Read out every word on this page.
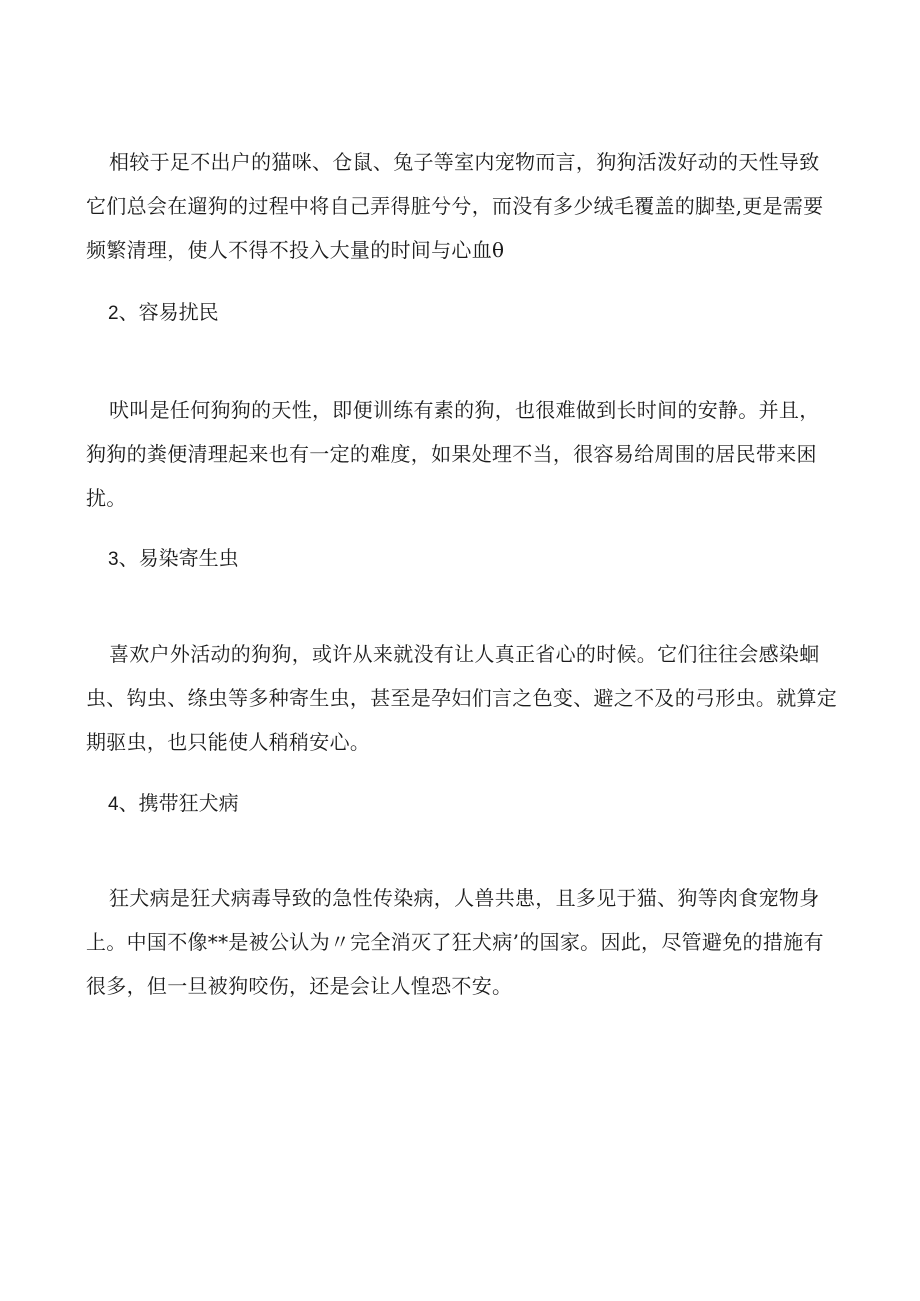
相较于足不出户的猫咪、仓鼠、兔子等室内宠物而言，狗狗活泼好动的天性导致
它们总会在遛狗的过程中将自己弄得脏兮兮，而没有多少绒毛覆盖的脚垫,更是需要
频繁清理，使人不得不投入大量的时间与心血θ

2、容易扰民

吠叫是任何狗狗的天性，即便训练有素的狗，也很难做到长时间的安静。并且，
狗狗的粪便清理起来也有一定的难度，如果处理不当，很容易给周围的居民带来困
扰。

3、易染寄生虫

喜欢户外活动的狗狗，或许从来就没有让人真正省心的时候。它们往往会感染蛔
虫、钩虫、绦虫等多种寄生虫，甚至是孕妇们言之色变、避之不及的弓形虫。就算定
期驱虫，也只能使人稍稍安心。

4、携带狂犬病

狂犬病是狂犬病毒导致的急性传染病，人兽共患，且多见于猫、狗等肉食宠物身
上。中国不像**是被公认为〃完全消灭了狂犬病’的国家。因此，尽管避免的措施有
很多，但一旦被狗咬伤，还是会让人惶恐不安。
